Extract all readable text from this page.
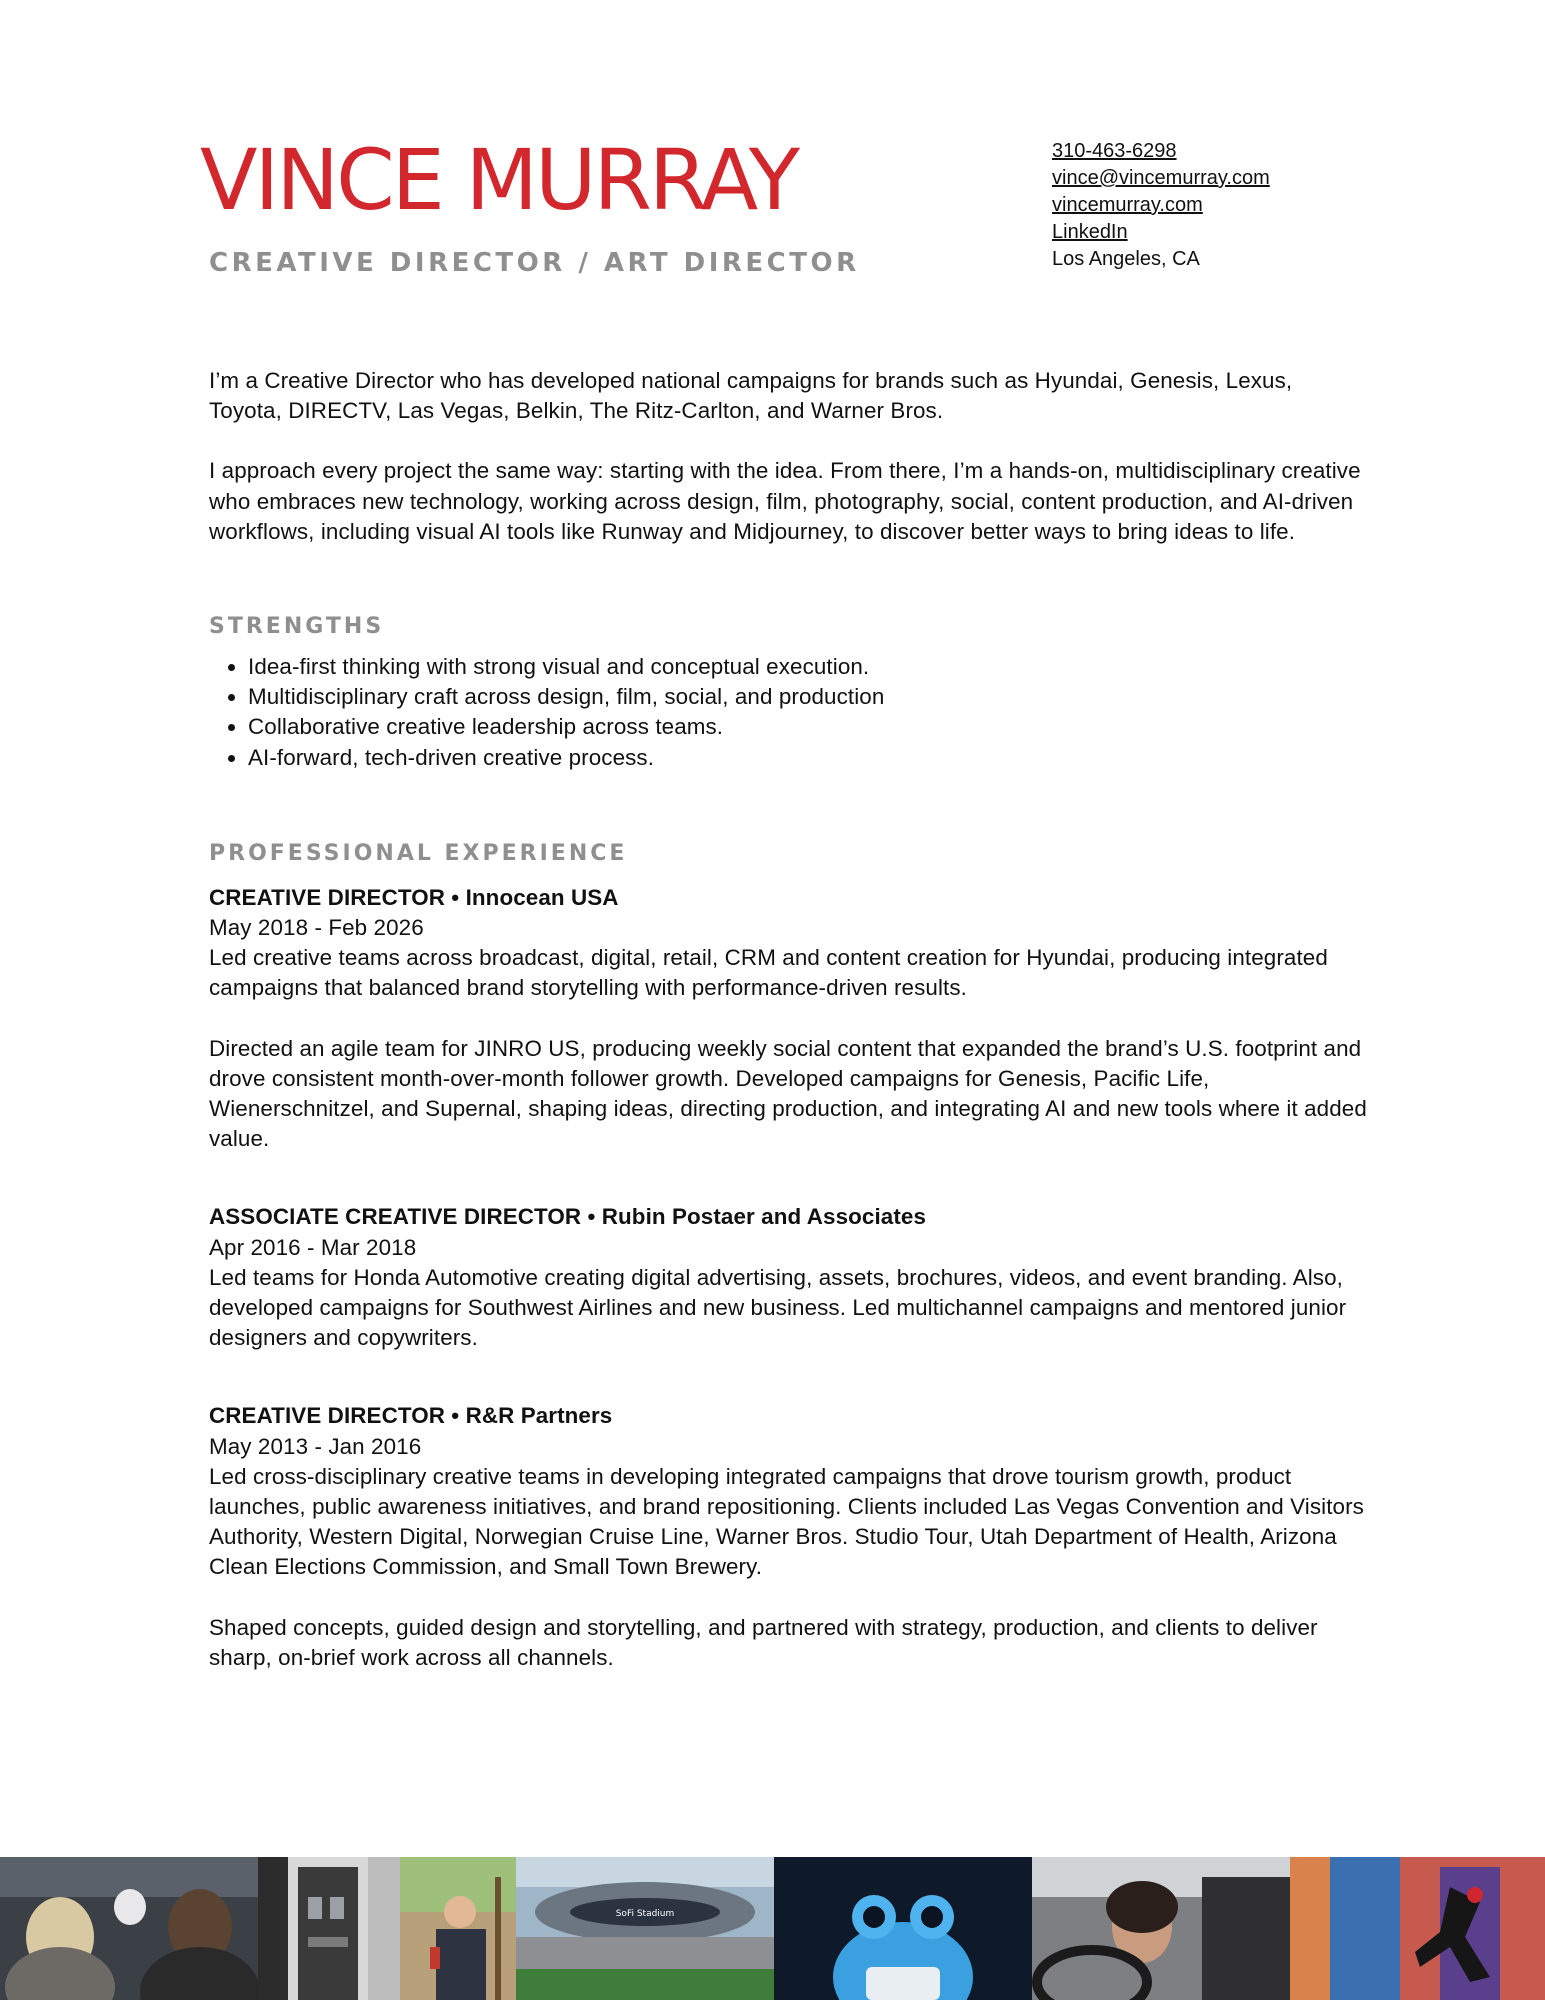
VINCE MURRAY
CREATIVE DIRECTOR / ART DIRECTOR
310-463-6298
vince@vincemurray.com
vincemurray.com
LinkedIn
Los Angeles, CA

I’m a Creative Director who has developed national campaigns for brands such as Hyundai, Genesis, Lexus, Toyota, DIRECTV, Las Vegas, Belkin, The Ritz-Carlton, and Warner Bros.

I approach every project the same way: starting with the idea. From there, I’m a hands-on, multidisciplinary creative who embraces new technology, working across design, film, photography, social, content production, and AI-driven workflows, including visual AI tools like Runway and Midjourney, to discover better ways to bring ideas to life.

STRENGTHS
• Idea-first thinking with strong visual and conceptual execution.
• Multidisciplinary craft across design, film, social, and production
• Collaborative creative leadership across teams.
• AI-forward, tech-driven creative process.
PROFESSIONAL EXPERIENCE

CREATIVE DIRECTOR • Innocean USA

May 2018 - Feb 2026

Led creative teams across broadcast, digital, retail, CRM and content creation for Hyundai, producing integrated campaigns that balanced brand storytelling with performance-driven results.

Directed an agile team for JINRO US, producing weekly social content that expanded the brand’s U.S. footprint and drove consistent month-over-month follower growth. Developed campaigns for Genesis, Pacific Life, Wienerschnitzel, and Supernal, shaping ideas, directing production, and integrating AI and new tools where it added value.

ASSOCIATE CREATIVE DIRECTOR • Rubin Postaer and Associates

Apr 2016 - Mar 2018

Led teams for Honda Automotive creating digital advertising, assets, brochures, videos, and event branding. Also, developed campaigns for Southwest Airlines and new business. Led multichannel campaigns and mentored junior designers and copywriters.

CREATIVE DIRECTOR • R&R Partners

May 2013 - Jan 2016

Led cross-disciplinary creative teams in developing integrated campaigns that drove tourism growth, product launches, public awareness initiatives, and brand repositioning. Clients included Las Vegas Convention and Visitors Authority, Western Digital, Norwegian Cruise Line, Warner Bros. Studio Tour, Utah Department of Health, Arizona Clean Elections Commission, and Small Town Brewery.

Shaped concepts, guided design and storytelling, and partnered with strategy, production, and clients to deliver sharp, on-brief work across all channels.

SoFi Stadium
